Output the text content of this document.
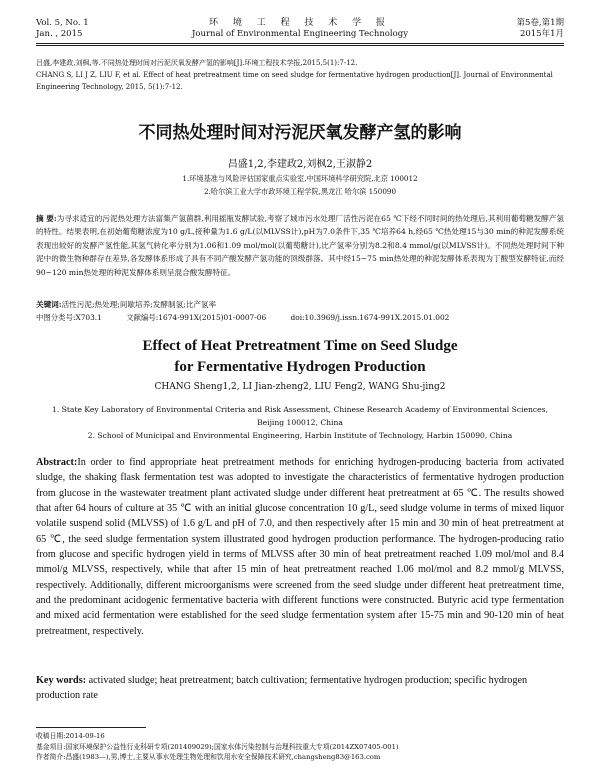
Vol. 5, No. 1
Jan. , 2015
环 境 工 程 技 术 学 报
Journal of Environmental Engineering Technology
第5卷,第1期
2015年1月
吕盛,李建政,刘枫,等.不同热处理时间对污泥厌氧发酵产氢的影响[J].环境工程技术学报,2015,5(1):7-12.
CHANG S, LI J Z, LIU F, et al. Effect of heat pretreatment time on seed sludge for fermentative hydrogen production[J]. Journal of Environmental Engineering Technology, 2015, 5(1):7-12.
不同热处理时间对污泥厌氧发酵产氢的影响
昌盛1,2,李建政2,刘枫2,王淑静2
1.环境基准与风险评估国家重点实验室,中国环境科学研究院,北京 100012
2.哈尔滨工业大学市政环境工程学院,黑龙江 哈尔滨 150090
摘 要:为寻求适宜的污泥热处理方法富集产氢菌群,利用摇瓶发酵试验,考察了城市污水处理厂活性污泥在65 ℃下经不同时间的热处理后,其利用葡萄糖发酵产氢的特性。结果表明,在初始葡萄糖浓度为10 g/L,接种量为1.6 g/L(以MLVSS计),pH为7.0条件下,35 ℃培养64 h,经65 ℃热处理15与30 min的种泥发酵系统表现出较好的发酵产氢性能,其氢气转化率分别为1.06和1.09 mol/mol(以葡萄糖计),比产氢率分别为8.2和8.4 mmol/g(以MLVSS计)。不同热处理时间下种泥中的微生物种群存在差异,各发酵体系形成了具有不同产酸发酵产氢功能的顶级群落。其中经15~75 min热处理的种泥发酵体系表现为丁酸型发酵特征,而经90~120 min热处理的种泥发酵体系则呈混合酸发酵特征。
关键词:活性污泥;热处理;间歇培养;发酵制氢;比产氢率
中图分类号:X703.1	文献编号:1674-991X(2015)01-0007-06	doi:10.3969/j.issn.1674-991X.2015.01.002
Effect of Heat Pretreatment Time on Seed Sludge
for Fermentative Hydrogen Production
CHANG Sheng1,2, LI Jian-zheng2, LIU Feng2, WANG Shu-jing2
1. State Key Laboratory of Environmental Criteria and Risk Assessment, Chinese Research Academy of Environmental Sciences,
Beijing 100012, China
2. School of Municipal and Environmental Engineering, Harbin Institute of Technology, Harbin 150090, China
Abstract:In order to find appropriate heat pretreatment methods for enriching hydrogen-producing bacteria from activated sludge, the shaking flask fermentation test was adopted to investigate the characteristics of fermentative hydrogen production from glucose in the wastewater treatment plant activated sludge under different heat pretreatment at 65 ℃. The results showed that after 64 hours of culture at 35 ℃ with an initial glucose concentration 10 g/L, seed sludge volume in terms of mixed liquor volatile suspend solid (MLVSS) of 1.6 g/L and pH of 7.0, and then respectively after 15 min and 30 min of heat pretreatment at 65 ℃, the seed sludge fermentation system illustrated good hydrogen production performance. The hydrogen-producing ratio from glucose and specific hydrogen yield in terms of MLVSS after 30 min of heat pretreatment reached 1.09 mol/mol and 8.4 mmol/g MLVSS, respectively, while that after 15 min of heat pretreatment reached 1.06 mol/mol and 8.2 mmol/g MLVSS, respectively. Additionally, different microorganisms were screened from the seed sludge under different heat pretreatment time, and the predominant acidogenic fermentative bacteria with different functions were constructed. Butyric acid type fermentation and mixed acid fermentation were established for the seed sludge fermentation system after 15-75 min and 90-120 min of heat pretreatment, respectively.
Key words: activated sludge; heat pretreatment; batch cultivation; fermentative hydrogen production; specific hydrogen production rate
收稿日期:2014-09-16
基金项目:国家环境保护公益性行业科研专项(201409029);国家水体污染控制与治理科技重大专项(2014ZX07405-001)
作者简介:昌盛(1983—),男,博士,主要从事水处理生物处理和饮用水安全保障技术研究,changsheng83@163.com
